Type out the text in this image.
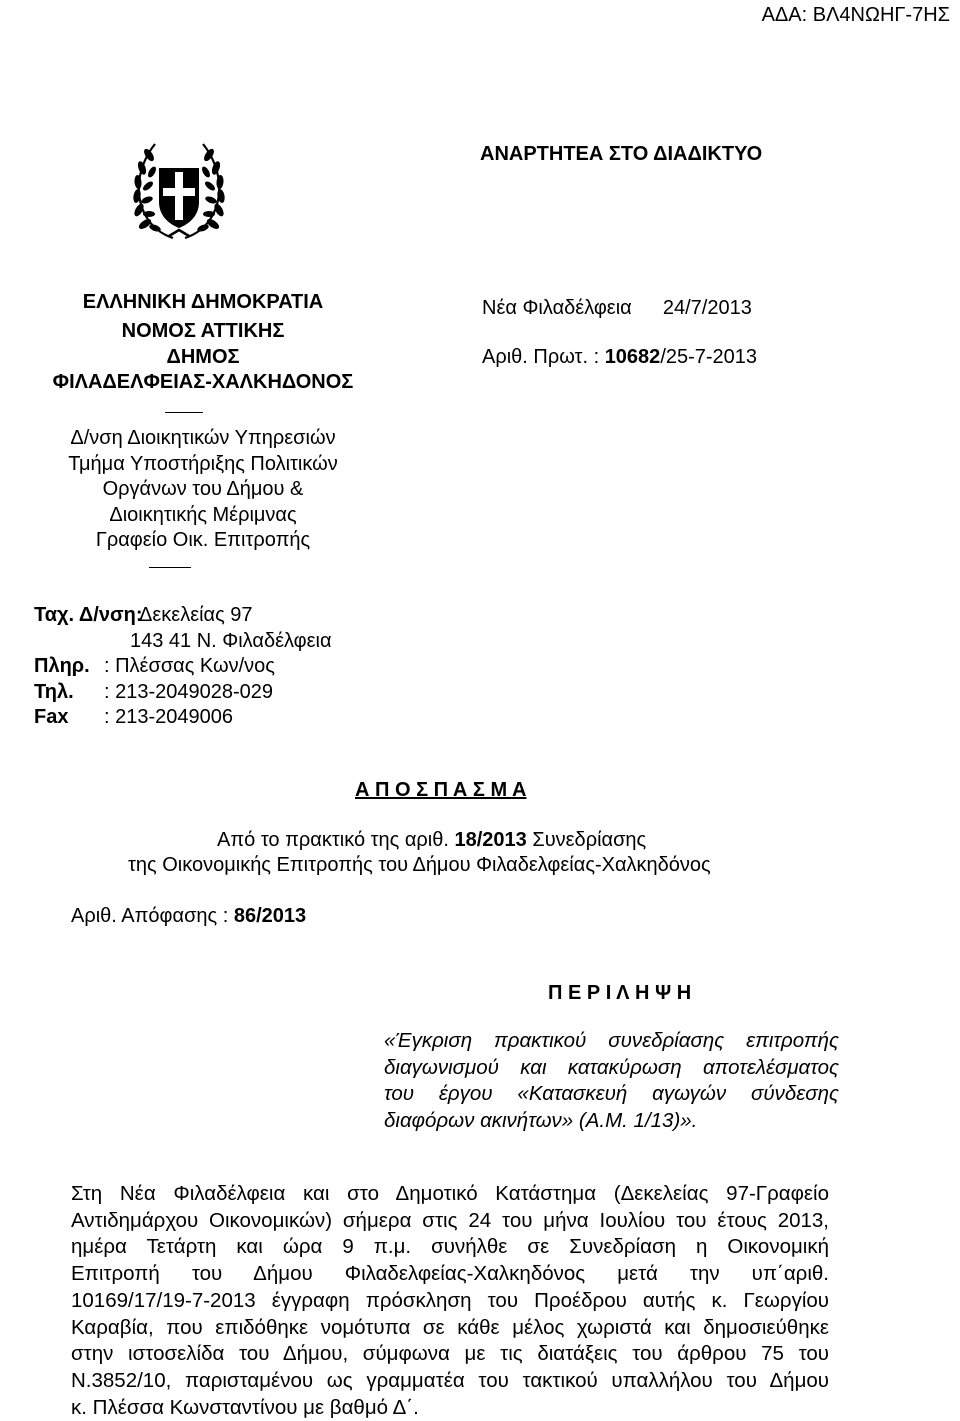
ΑΔΑ: ΒΛ4ΝΩΗΓ-7ΗΣ
ΑΝΑΡΤΗΤΕΑ ΣΤΟ ΔΙΑΔΙΚΤΥΟ
ΕΛΛΗΝΙΚΗ ΔΗΜΟΚΡΑΤΙΑ
ΝΟΜΟΣ ΑΤΤΙΚΗΣ
ΔΗΜΟΣ
ΦΙΛΑΔΕΛΦΕΙΑΣ-ΧΑΛΚΗΔΟΝΟΣ
Δ/νση Διοικητικών Υπηρεσιών
Τμήμα Υποστήριξης Πολιτικών
Οργάνων του Δήμου &
Διοικητικής Μέριμνας
Γραφείο Οικ. Επιτροπής
Νέα Φιλαδέλφεια 24/7/2013
Αριθ. Πρωτ. : 10682/25-7-2013
Ταχ. Δ/νση:
Δεκελείας 97
143 41 Ν. Φιλαδέλφεια
Πληρ. : Πλέσσας Κων/νος
Τηλ. : 213-2049028-029
Fax : 213-2049006
Α Π Ο Σ Π Α Σ Μ Α
Από το πρακτικό της αριθ. 18/2013 Συνεδρίασης
της Οικονομικής Επιτροπής του Δήμου Φιλαδελφείας-Χαλκηδόνος
Αριθ. Απόφασης : 86/2013
Π Ε Ρ Ι Λ Η Ψ Η
«Έγκριση πρακτικού συνεδρίασης επιτροπής
διαγωνισμού και κατακύρωση αποτελέσματος
του έργου «Κατασκευή αγωγών σύνδεσης
διαφόρων ακινήτων» (Α.Μ. 1/13)».
Στη Νέα Φιλαδέλφεια και στο Δημοτικό Κατάστημα (Δεκελείας 97-Γραφείο
Αντιδημάρχου Οικονομικών) σήμερα στις 24 του μήνα Ιουλίου του έτους 2013,
ημέρα Τετάρτη και ώρα 9 π.μ. συνήλθε σε Συνεδρίαση η Οικονομική
Επιτροπή του Δήμου Φιλαδελφείας-Χαλκηδόνος μετά την υπ΄αριθ.
10169/17/19-7-2013 έγγραφη πρόσκληση του Προέδρου αυτής κ. Γεωργίου
Καραβία, που επιδόθηκε νομότυπα σε κάθε μέλος χωριστά και δημοσιεύθηκε
στην ιστοσελίδα του Δήμου, σύμφωνα με τις διατάξεις του άρθρου 75 του
Ν.3852/10, παρισταμένου ως γραμματέα του τακτικού υπαλλήλου του Δήμου
κ. Πλέσσα Κωνσταντίνου με βαθμό Δ΄.
